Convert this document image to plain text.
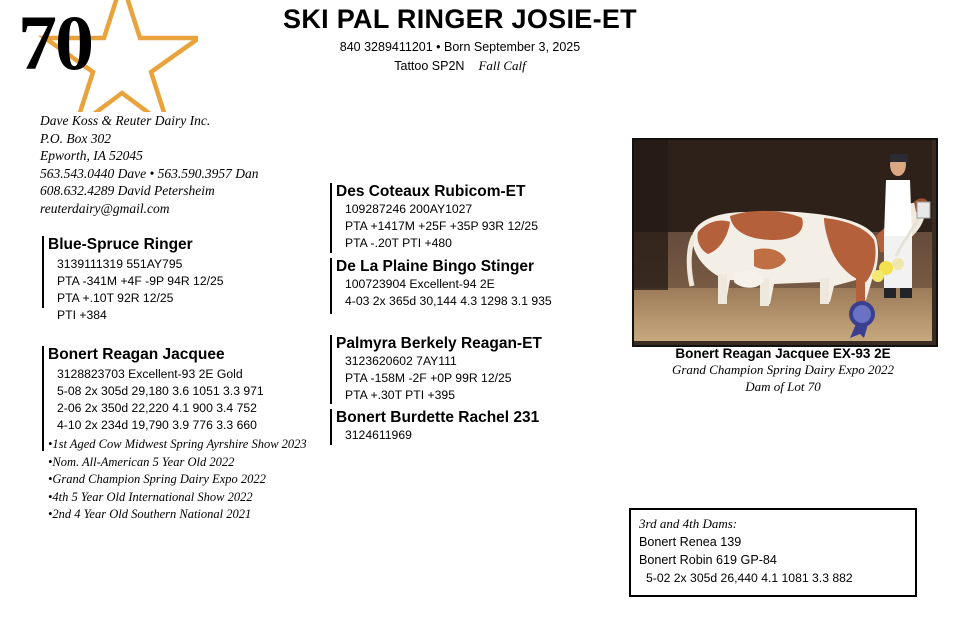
70
Dave Koss & Reuter Dairy Inc.
P.O. Box 302
Epworth, IA 52045
563.543.0440 Dave • 563.590.3957 Dan
608.632.4289 David Petersheim
reuterdairy@gmail.com
SKI PAL RINGER JOSIE-ET
840 3289411201 • Born September 3, 2025
Tattoo SP2N Fall Calf
Blue-Spruce Ringer
3139111319 551AY795
PTA -341M +4F -9P 94R 12/25
PTA +.10T 92R 12/25
PTI +384
Bonert Reagan Jacquee
3128823703 Excellent-93 2E Gold
5-08 2x 305d 29,180 3.6 1051 3.3 971
2-06 2x 350d 22,220 4.1 900 3.4 752
4-10 2x 234d 19,790 3.9 776 3.3 660
•1st Aged Cow Midwest Spring Ayrshire Show 2023
•Nom. All-American 5 Year Old 2022
•Grand Champion Spring Dairy Expo 2022
•4th 5 Year Old International Show 2022
•2nd 4 Year Old Southern National 2021
Des Coteaux Rubicom-ET
109287246 200AY1027
PTA +1417M +25F +35P 93R 12/25
PTA -.20T PTI +480
De La Plaine Bingo Stinger
100723904 Excellent-94 2E
4-03 2x 365d 30,144 4.3 1298 3.1 935
Palmyra Berkely Reagan-ET
3123620602 7AY111
PTA -158M -2F +0P 99R 12/25
PTA +.30T PTI +395
Bonert Burdette Rachel 231
3124611969
Bonert Reagan Jacquee EX-93 2E
Grand Champion Spring Dairy Expo 2022
Dam of Lot 70
3rd and 4th Dams:
Bonert Renea 139
Bonert Robin 619 GP-84
5-02 2x 305d 26,440 4.1 1081 3.3 882
